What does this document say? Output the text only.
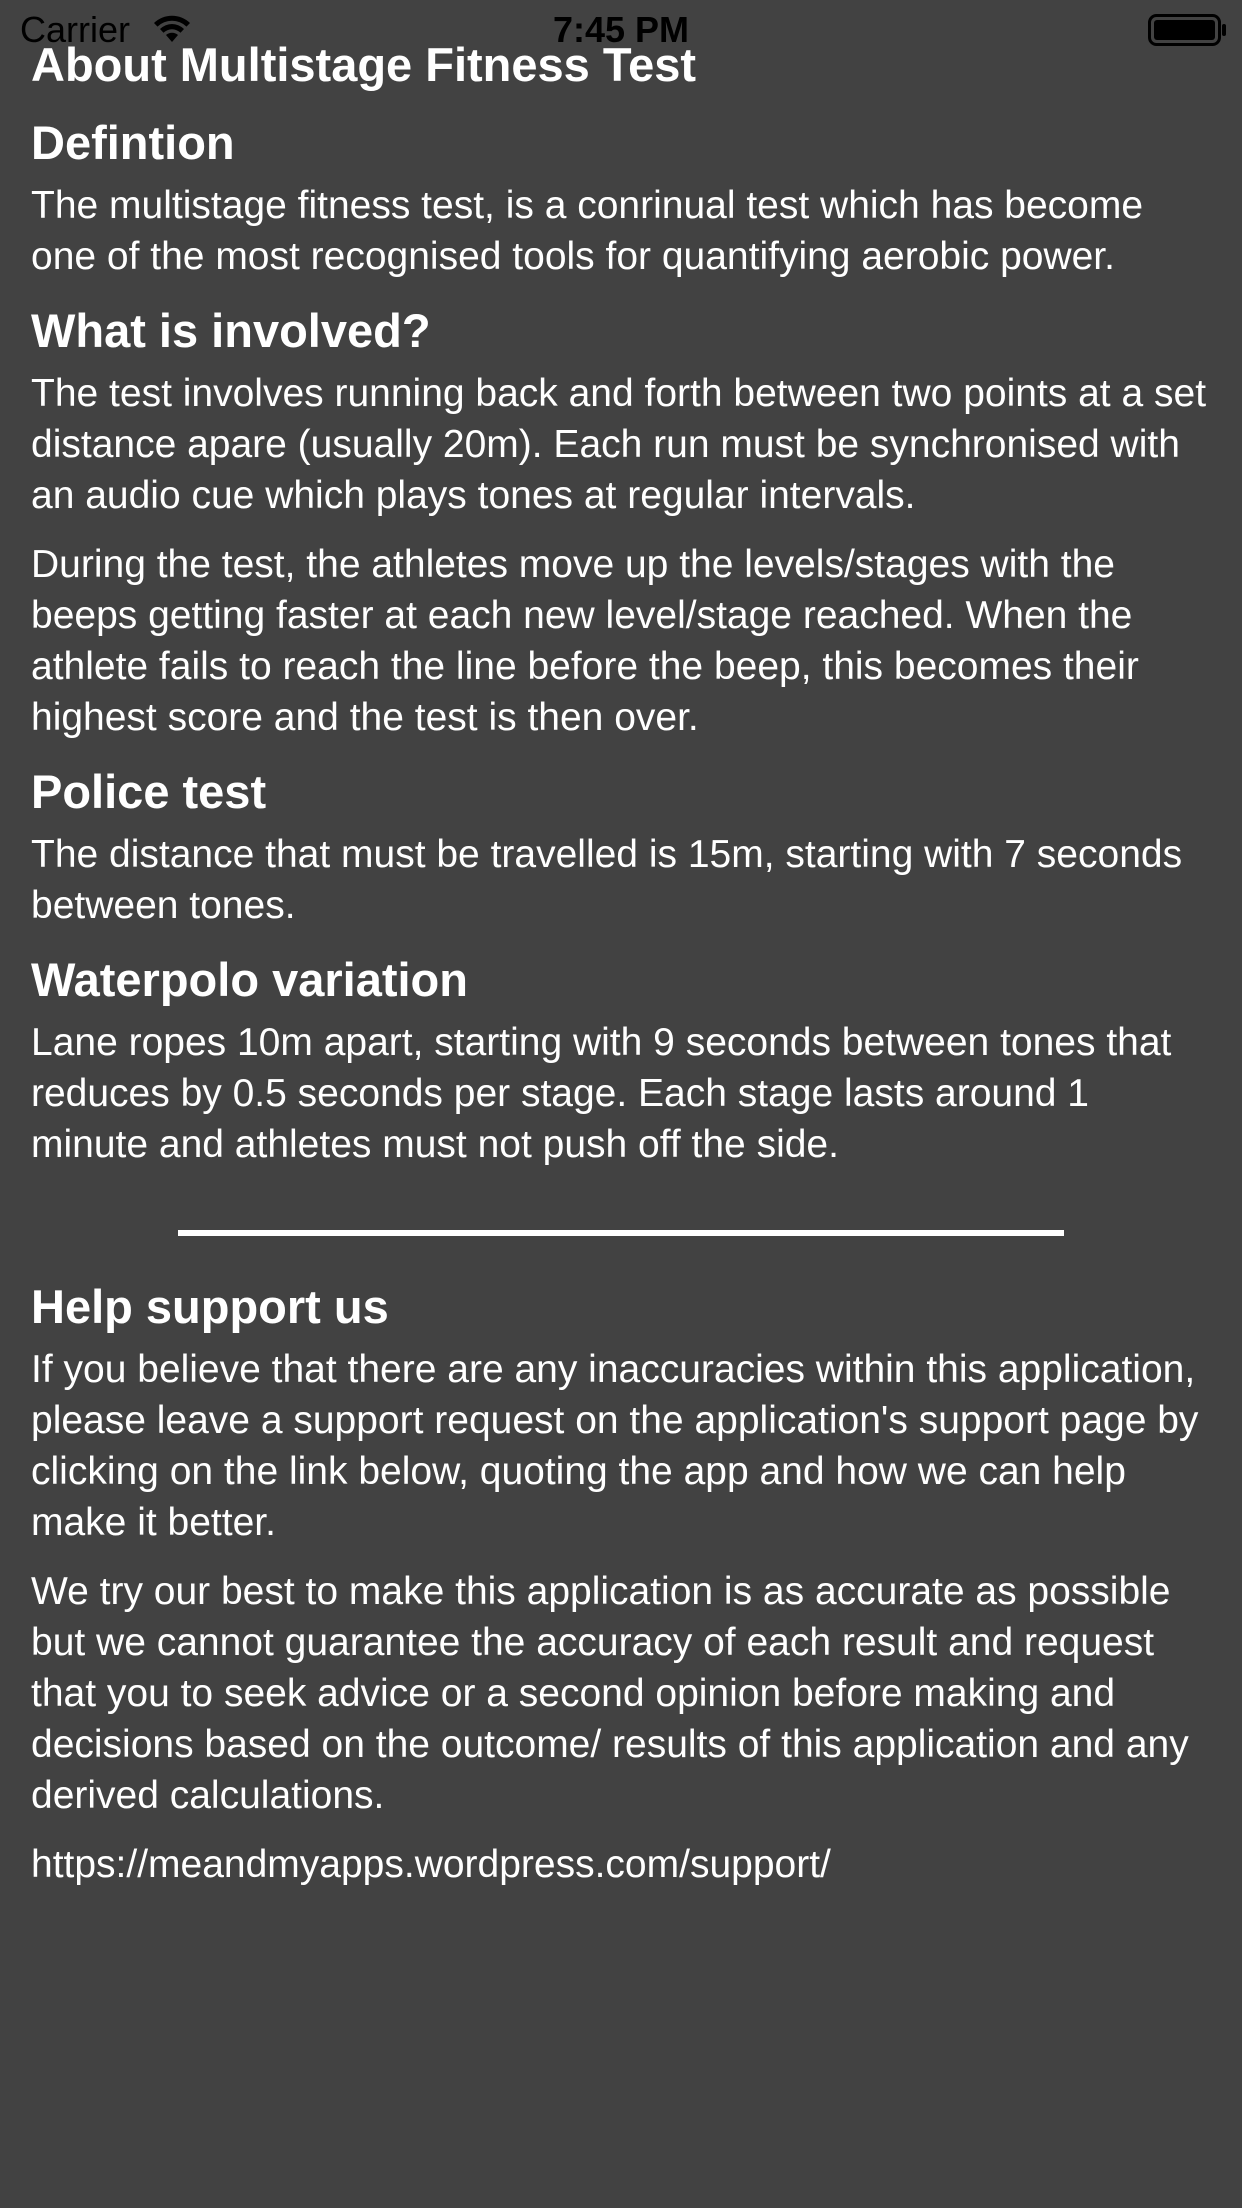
Carrier	7:45 PM
About Multistage Fitness Test
Defintion

The multistage fitness test, is a conrinual test which has become one of the most recognised tools for quantifying aerobic power.

What is involved?

The test involves running back and forth between two points at a set distance apare (usually 20m). Each run must be synchronised with an audio cue which plays tones at regular intervals.

During the test, the athletes move up the levels/stages with the beeps getting faster at each new level/stage reached. When the athlete fails to reach the line before the beep, this becomes their highest score and the test is then over.

Police test

The distance that must be travelled is 15m, starting with 7 seconds between tones.

Waterpolo variation

Lane ropes 10m apart, starting with 9 seconds between tones that reduces by 0.5 seconds per stage. Each stage lasts around 1 minute and athletes must not push off the side.

Help support us

If you believe that there are any inaccuracies within this application, please leave a support request on the application's support page by clicking on the link below, quoting the app and how we can help make it better.

We try our best to make this application is as accurate as possible but we cannot guarantee the accuracy of each result and request that you to seek advice or a second opinion before making and decisions based on the outcome/ results of this application and any derived calculations.

https://meandmyapps.wordpress.com/support/
